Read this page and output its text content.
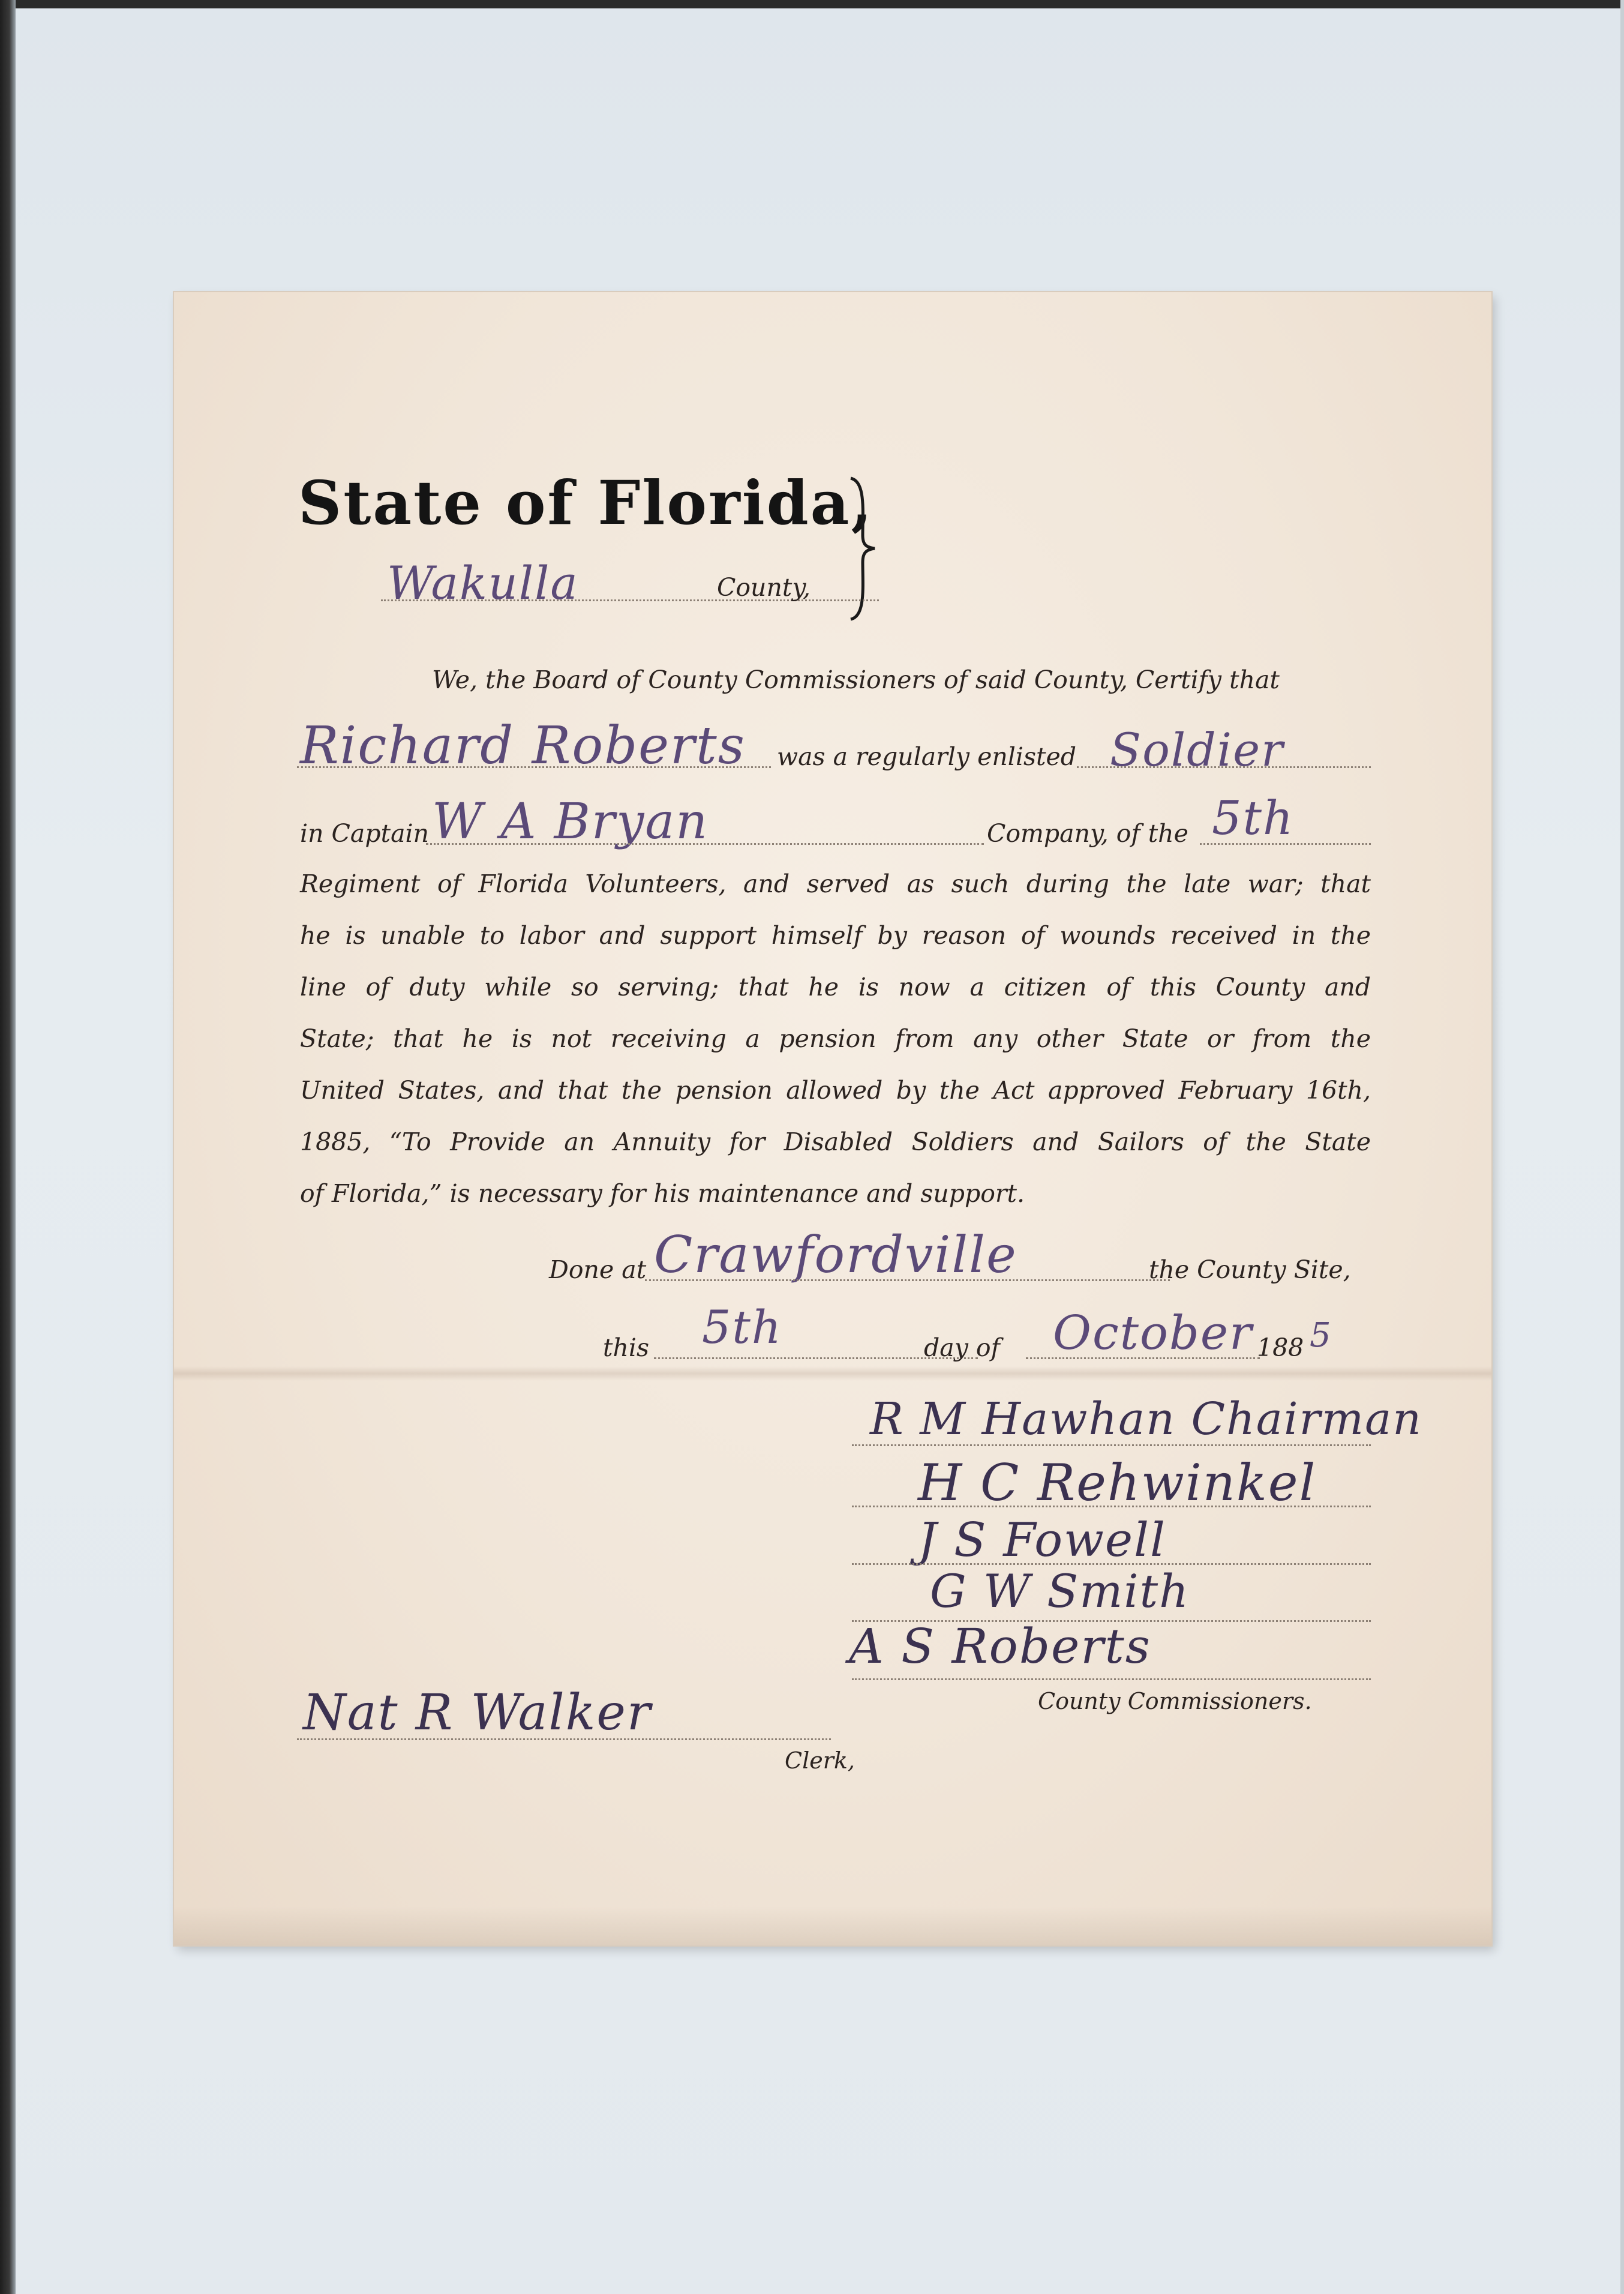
State of Florida,
Wakulla	County,
We, the Board of County Commissioners of said County, Certify that
Richard Roberts was a regularly enlisted Soldier
in Captain W A Bryan	Company, of the 5th
Regiment of Florida Volunteers, and served as such during the late war; that
he is unable to labor and support himself by reason of wounds received in the
line of duty while so serving; that he is now a citizen of this County and
State; that he is not receiving a pension from any other State or from the
United States, and that the pension allowed by the Act approved February 16th,
1885, “To Provide an Annuity for Disabled Soldiers and Sailors of the State
of Florida,” is necessary for his maintenance and support.
Done at Crawfordville	the County Site,
this 5th	day of October 188 5
R M Hawhan Chairman
H C Rehwinkel
J S Fowell
G W Smith
A S Roberts
County Commissioners.
Nat R Walker
Clerk,
